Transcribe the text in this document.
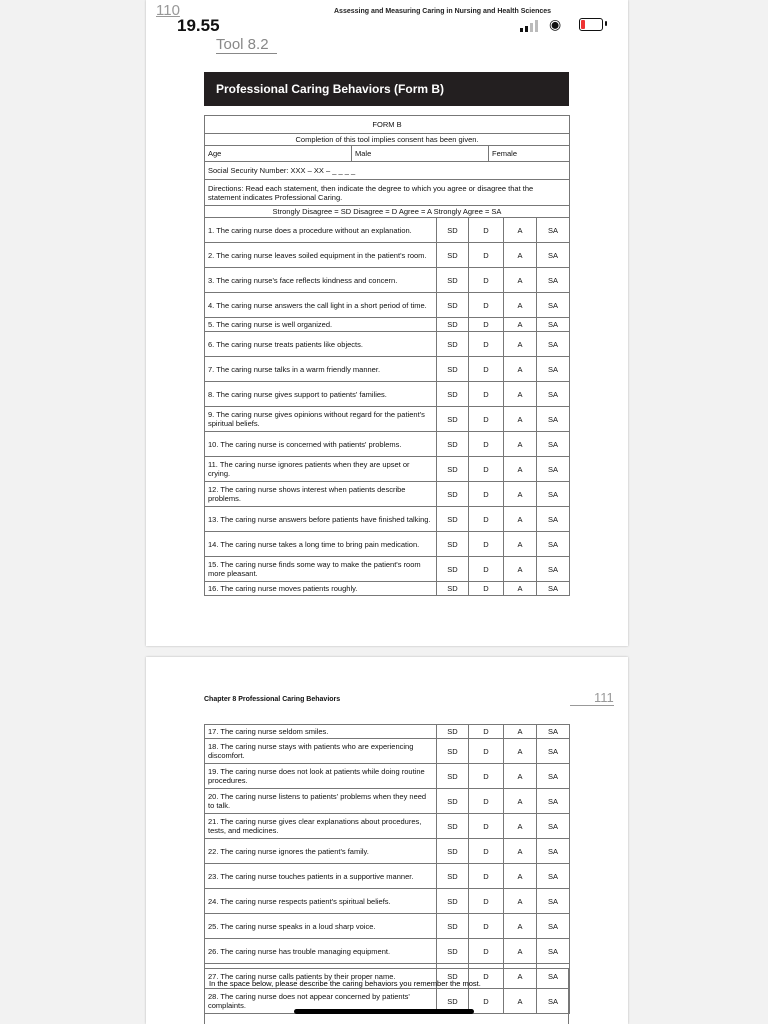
110
19.55
Assessing and Measuring Caring in Nursing and Health Sciences
◉
Tool 8.2
Professional Caring Behaviors (Form B)
FORM B
Completion of this tool implies consent has been given.

Age	Male	Female

Social Security Number: XXX – XX – _ _ _ _
Directions: Read each statement, then indicate the degree to which you agree or disagree that the statement indicates Professional Caring.
Strongly Disagree = SD Disagree = D Agree = A Strongly Agree = SA
1. The caring nurse does a procedure without an explanation.	SD	D	A	SA
2. The caring nurse leaves soiled equipment in the patient's room.	SD	D	A	SA
3. The caring nurse's face reflects kindness and concern.	SD	D	A	SA
4. The caring nurse answers the call light in a short period of time.	SD	D	A	SA
5. The caring nurse is well organized.	SD	D	A	SA
6. The caring nurse treats patients like objects.	SD	D	A	SA
7. The caring nurse talks in a warm friendly manner.	SD	D	A	SA
8. The caring nurse gives support to patients' families.	SD	D	A	SA
9. The caring nurse gives opinions without regard for the patient's spiritual beliefs.	SD	D	A	SA
10. The caring nurse is concerned with patients' problems.	SD	D	A	SA
11. The caring nurse ignores patients when they are upset or crying.	SD	D	A	SA
12. The caring nurse shows interest when patients describe problems.	SD	D	A	SA
13. The caring nurse answers before patients have finished talking.	SD	D	A	SA
14. The caring nurse takes a long time to bring pain medication.	SD	D	A	SA
15. The caring nurse finds some way to make the patient's room more pleasant.	SD	D	A	SA
16. The caring nurse moves patients roughly.	SD	D	A	SA
Chapter 8 Professional Caring Behaviors	111
17. The caring nurse seldom smiles.	SD	D	A	SA
18. The caring nurse stays with patients who are experiencing discomfort.	SD	D	A	SA
19. The caring nurse does not look at patients while doing routine procedures.	SD	D	A	SA
20. The caring nurse listens to patients' problems when they need to talk.	SD	D	A	SA
21. The caring nurse gives clear explanations about procedures, tests, and medicines.	SD	D	A	SA
22. The caring nurse ignores the patient's family.	SD	D	A	SA
23. The caring nurse touches patients in a supportive manner.	SD	D	A	SA
24. The caring nurse respects patient's spiritual beliefs.	SD	D	A	SA
25. The caring nurse speaks in a loud sharp voice.	SD	D	A	SA
26. The caring nurse has trouble managing equipment.	SD	D	A	SA
27. The caring nurse calls patients by their proper name.	SD	D	A	SA
28. The caring nurse does not appear concerned by patients' complaints.	SD	D	A	SA
In the space below, please describe the caring behaviors you remember the most.
